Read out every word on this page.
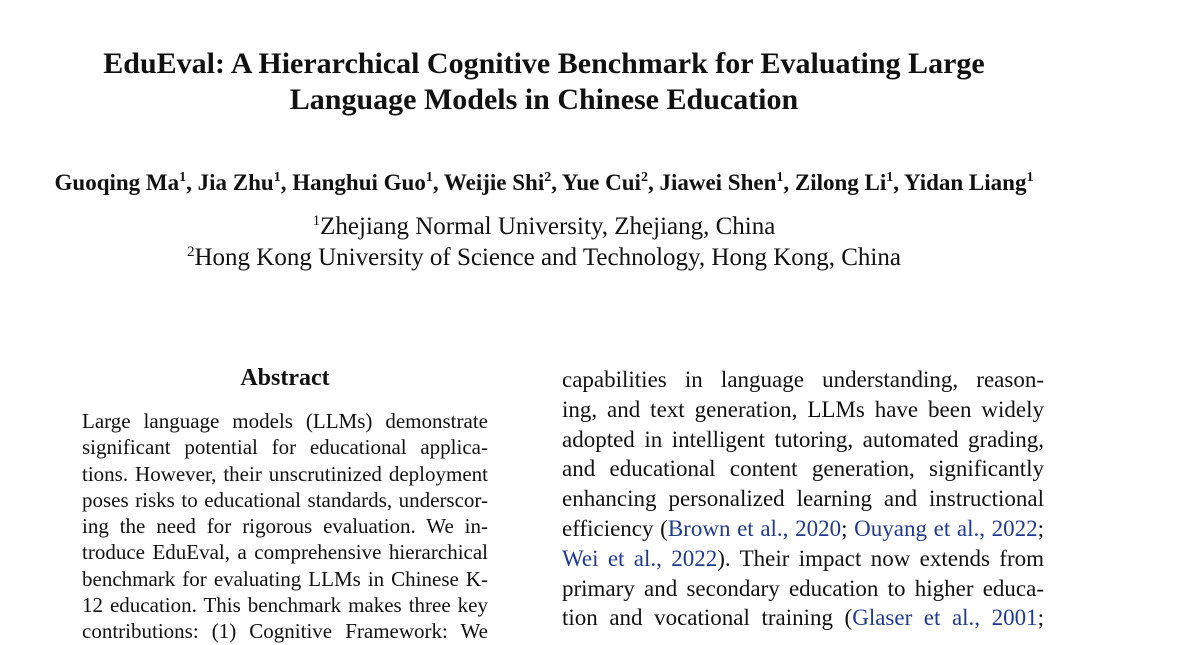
EduEval: A Hierarchical Cognitive Benchmark for Evaluating Large
Language Models in Chinese Education
Guoqing Ma$^1$, Jia Zhu$^1$, Hanghui Guo$^1$, Weijie Shi$^2$, Yue Cui$^2$, Jiawei Shen$^1$, Zilong Li$^1$, Yidan Liang$^1$
$^1$Zhejiang Normal University, Zhejiang, China
$^2$Hong Kong University of Science and Technology, Hong Kong, China
Abstract
Large language models (LLMs) demonstrate
significant potential for educational applica-
tions. However, their unscrutinized deployment
poses risks to educational standards, underscor-
ing the need for rigorous evaluation. We in-
troduce EduEval, a comprehensive hierarchical
benchmark for evaluating LLMs in Chinese K-
12 education. This benchmark makes three key
contributions: (1) Cognitive Framework: We
capabilities in language understanding, reason-
ing, and text generation, LLMs have been widely
adopted in intelligent tutoring, automated grading,
and educational content generation, significantly
enhancing personalized learning and instructional
efficiency (Brown et al., 2020; Ouyang et al., 2022;
Wei et al., 2022). Their impact now extends from
primary and secondary education to higher educa-
tion and vocational training (Glaser et al., 2001;
